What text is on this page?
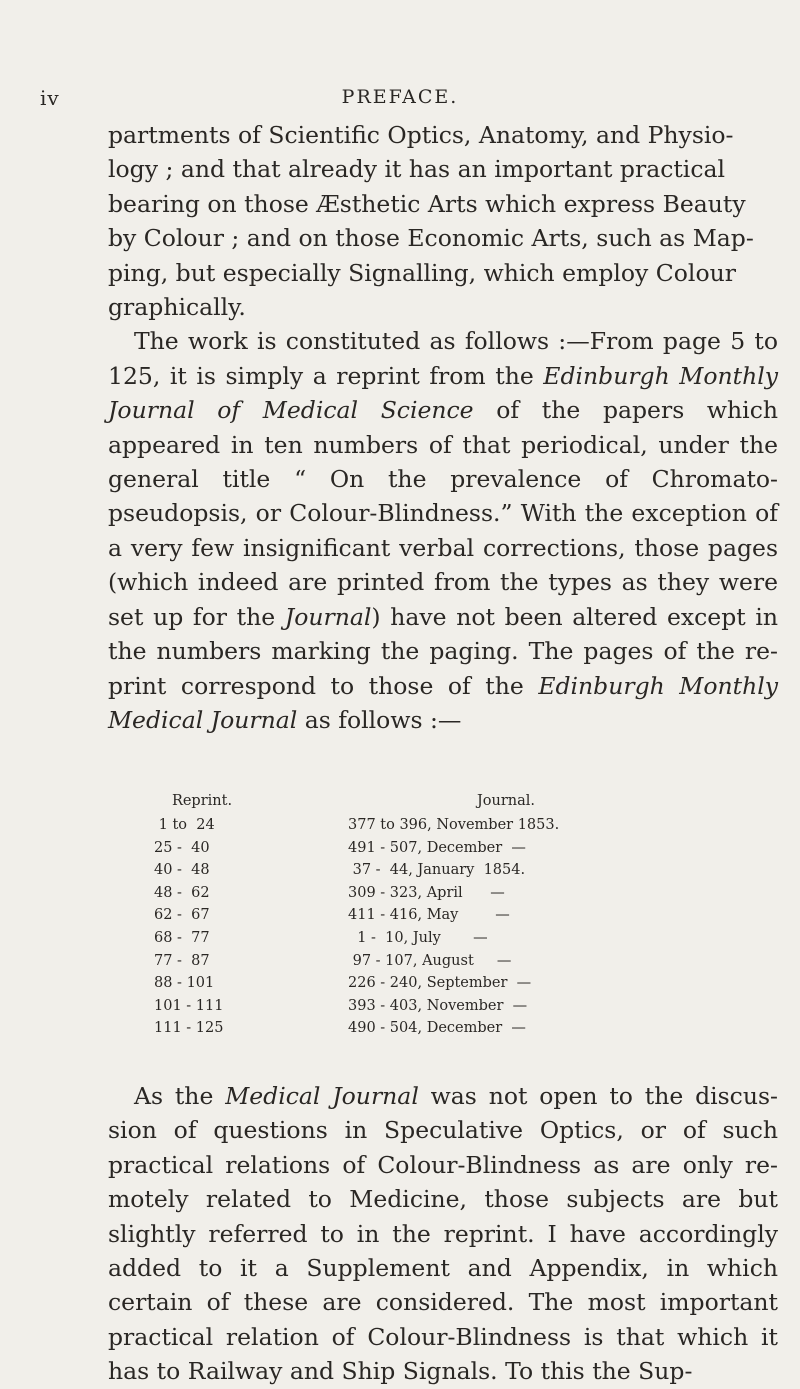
iv	PREFACE.

partments of Scientific Optics, Anatomy, and Physio-
logy ; and that already it has an important practical
bearing on those Æsthetic Arts which express Beauty
by Colour ; and on those Economic Arts, such as Map-
ping, but especially Signalling, which employ Colour
graphically.

The work is constituted as follows :—From page 5 to 125, it is simply a reprint from the Edinburgh Monthly Journal of Medical Science of the papers which appeared in ten numbers of that periodical, under the general title “ On the prevalence of Chromato-pseudopsis, or Colour-Blindness.” With the exception of a very few insignificant verbal corrections, those pages (which indeed are printed from the types as they were set up for the Journal) have not been altered except in the numbers marking the paging. The pages of the re-print correspond to those of the Edinburgh Monthly Medical Journal as follows :—

Reprint.	Journal.
1 to  24	377 to 396, November 1853.
25 -  40	491 - 507, December  —
40 -  48	37 -  44, January  1854.
48 -  62	309 - 323, April      —
62 -  67	411 - 416, May        —
68 -  77	1 -  10, July       —
77 -  87	97 - 107, August     —
88 - 101	226 - 240, September  —
101 - 111	393 - 403, November  —
111 - 125	490 - 504, December  —

As the Medical Journal was not open to the discus-sion of questions in Speculative Optics, or of such practical relations of Colour-Blindness as are only re-motely related to Medicine, those subjects are but slightly referred to in the reprint. I have accordingly added to it a Supplement and Appendix, in which certain of these are considered. The most important practical relation of Colour-Blindness is that which it has to Railway and Ship Signals. To this the Sup-
